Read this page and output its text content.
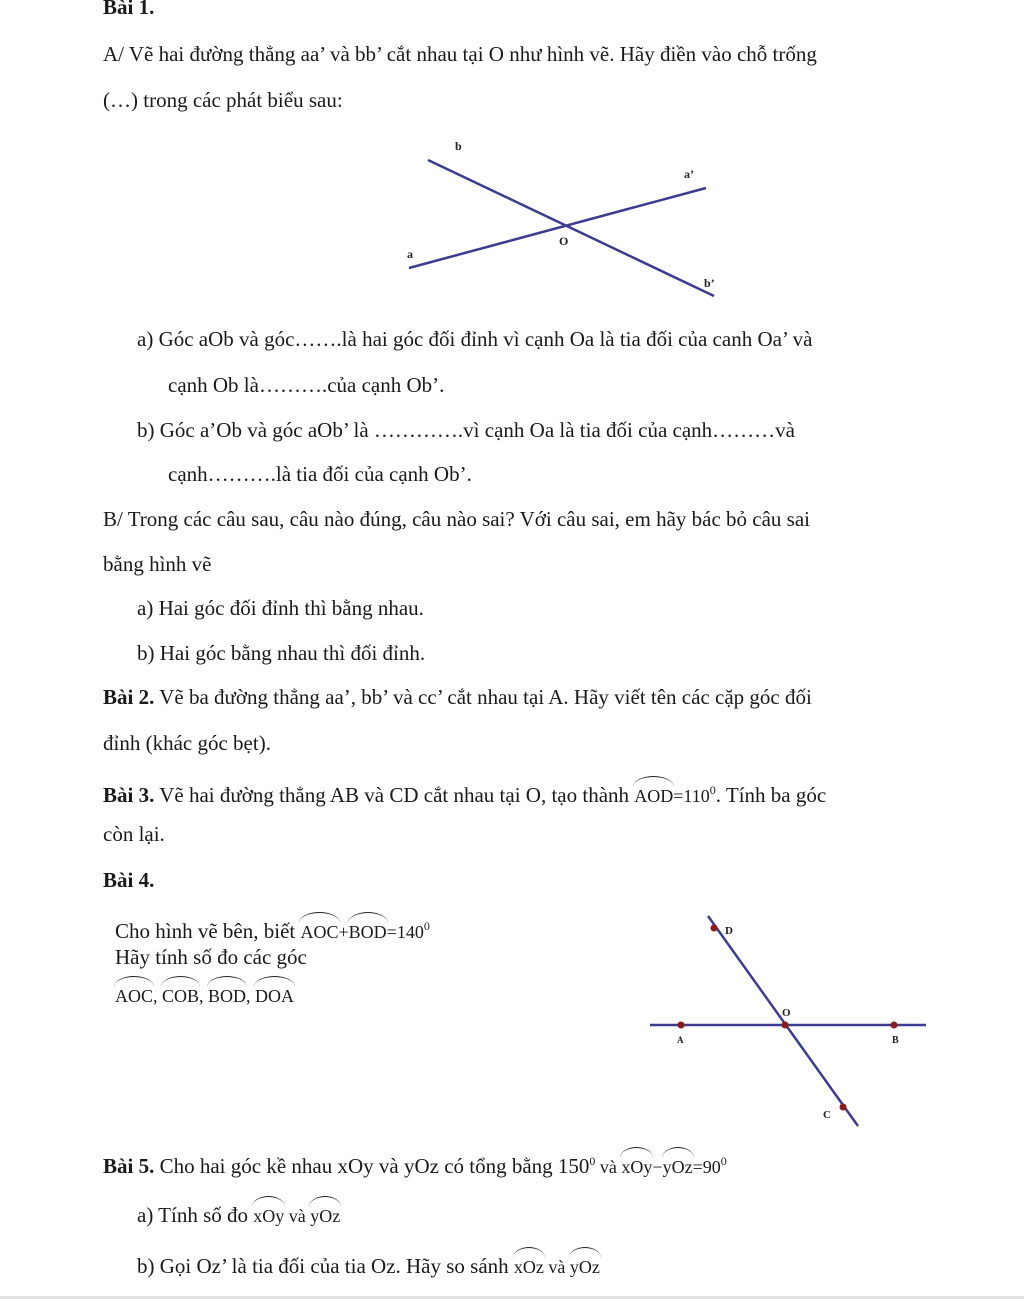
Bài 1.
A/ Vẽ hai đường thẳng aa’ và bb’ cắt nhau tại O như hình vẽ. Hãy điền vào chỗ trống
(…) trong các phát biểu sau:
b
a’
O
a
b’
a) Góc aOb và góc…….là hai góc đối đỉnh vì cạnh Oa là tia đối của canh Oa’ và
cạnh Ob là……….của cạnh Ob’.
b) Góc a’Ob và góc aOb’ là ………….vì cạnh Oa là tia đối của cạnh………và
cạnh……….là tia đối của cạnh Ob’.
B/ Trong các câu sau, câu nào đúng, câu nào sai? Với câu sai, em hãy bác bỏ câu sai
bằng hình vẽ
a) Hai góc đối đỉnh thì bằng nhau.
b) Hai góc bằng nhau thì đối đỉnh.
Bài 2. Vẽ ba đường thẳng aa’, bb’ và cc’ cắt nhau tại A. Hãy viết tên các cặp góc đối
đỉnh (khác góc bẹt).
Bài 3. Vẽ hai đường thẳng AB và CD cắt nhau tại O, tạo thành $AOD=110^0$. Tính ba góc
còn lại.
Bài 4.
Cho hình vẽ bên, biết $AOC+BOD=140^0$
Hãy tính số đo các góc
AOC, COB, BOD, DOA
D
O
A	B
C
Bài 5. Cho hai góc kề nhau xOy và yOz có tổng bằng $150^0$ và $xOy-yOz=90^0$
a) Tính số đo xOy và yOz
b) Gọi Oz’ là tia đối của tia Oz. Hãy so sánh xOz và yOz
